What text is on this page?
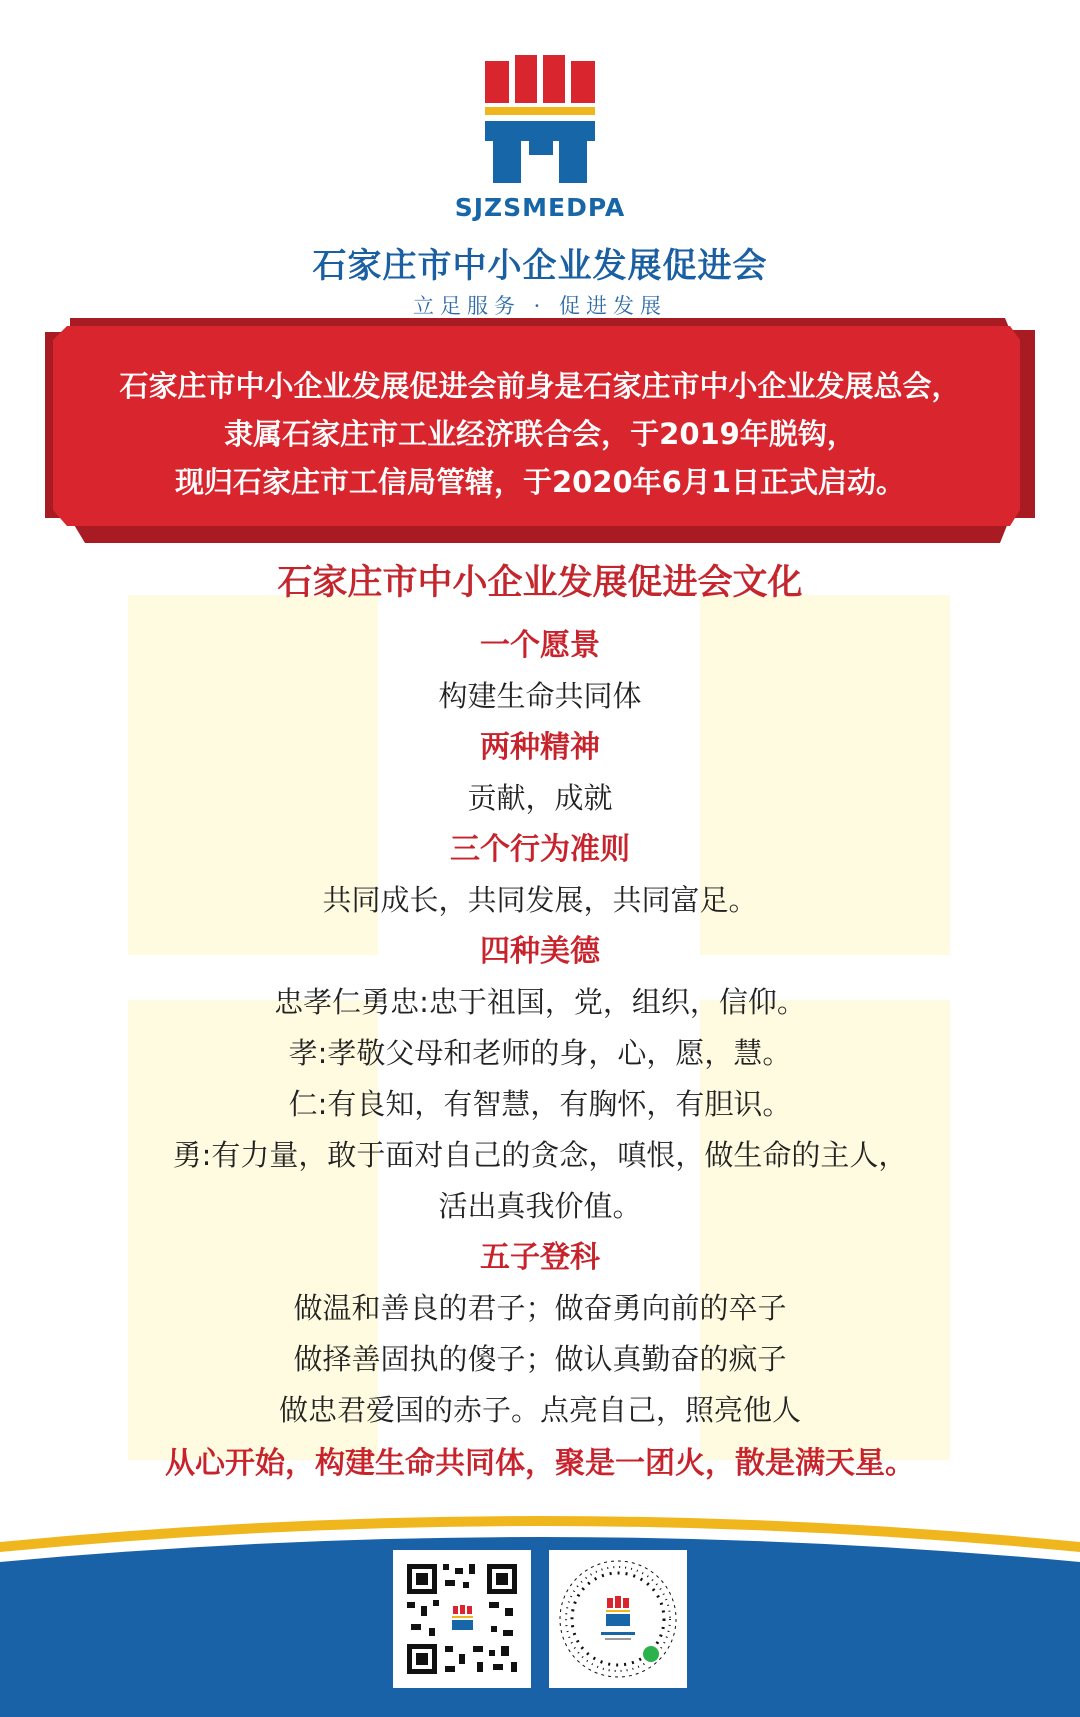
SJZSMEDPA
石家庄市中小企业发展促进会
立足服务 · 促进发展
石家庄市中小企业发展促进会前身是石家庄市中小企业发展总会，
隶属石家庄市工业经济联合会，于2019年脱钩，
现归石家庄市工信局管辖，于2020年6月1日正式启动。
石家庄市中小企业发展促进会文化
一个愿景
构建生命共同体
两种精神
贡献，成就
三个行为准则
共同成长，共同发展，共同富足。
四种美德
忠孝仁勇忠:忠于祖国，党，组织，信仰。
孝:孝敬父母和老师的身，心，愿，慧。
仁:有良知，有智慧，有胸怀，有胆识。
勇:有力量，敢于面对自己的贪念，嗔恨，做生命的主人，
活出真我价值。
五子登科
做温和善良的君子；做奋勇向前的卒子
做择善固执的傻子；做认真勤奋的疯子
做忠君爱国的赤子。点亮自己，照亮他人
从心开始，构建生命共同体，聚是一团火，散是满天星。
